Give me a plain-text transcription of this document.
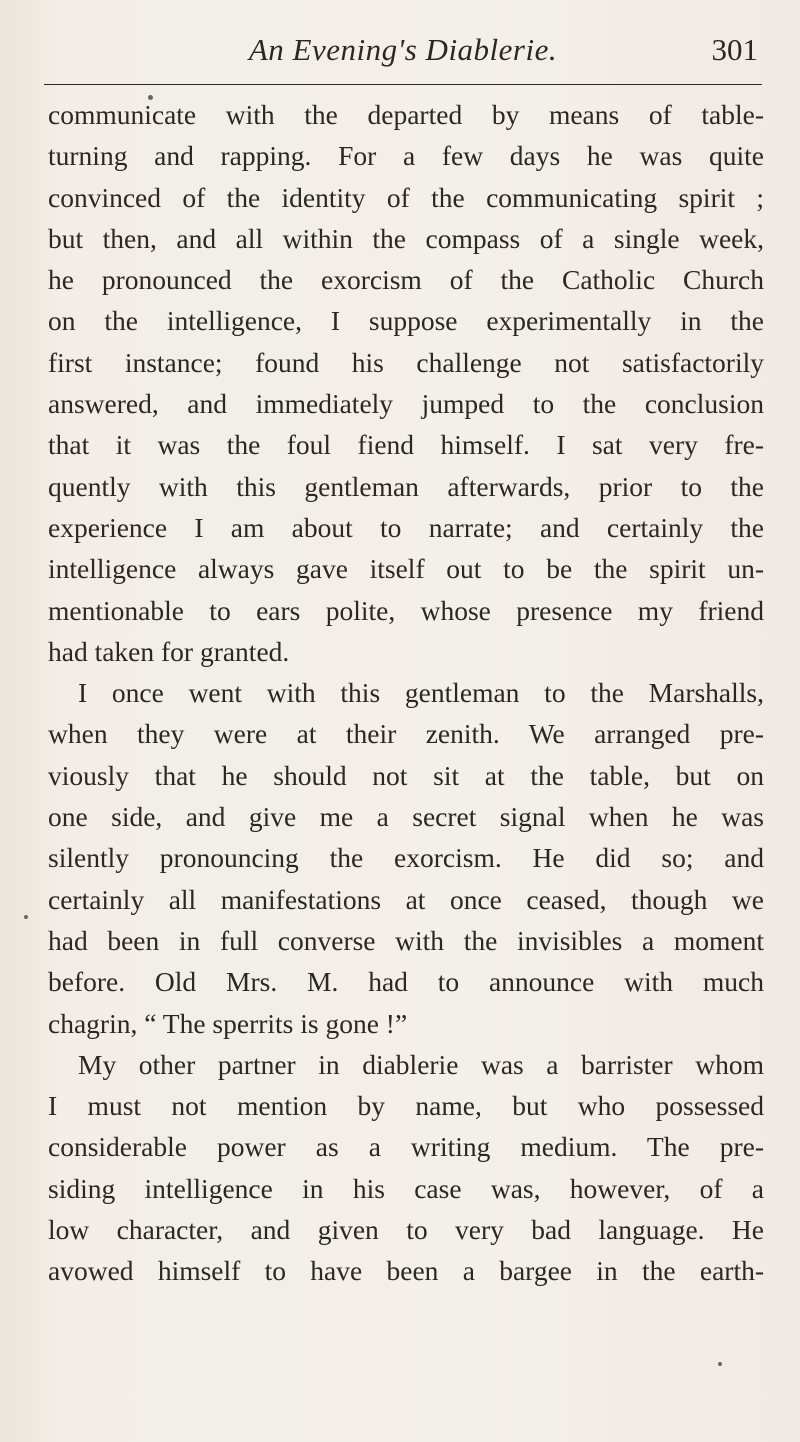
An Evening's Diablerie.	301
communicate with the departed by means of table-
turning and rapping. For a few days he was quite
convinced of the identity of the communicating spirit ;
but then, and all within the compass of a single week,
he pronounced the exorcism of the Catholic Church
on the intelligence, I suppose experimentally in the
first instance; found his challenge not satisfactorily
answered, and immediately jumped to the conclusion
that it was the foul fiend himself. I sat very fre-
quently with this gentleman afterwards, prior to the
experience I am about to narrate; and certainly the
intelligence always gave itself out to be the spirit un-
mentionable to ears polite, whose presence my friend
had taken for granted.
I once went with this gentleman to the Marshalls,
when they were at their zenith. We arranged pre-
viously that he should not sit at the table, but on
one side, and give me a secret signal when he was
silently pronouncing the exorcism. He did so; and
certainly all manifestations at once ceased, though we
had been in full converse with the invisibles a moment
before. Old Mrs. M. had to announce with much
chagrin, “ The sperrits is gone !”
My other partner in diablerie was a barrister whom
I must not mention by name, but who possessed
considerable power as a writing medium. The pre-
siding intelligence in his case was, however, of a
low character, and given to very bad language. He
avowed himself to have been a bargee in the earth-
